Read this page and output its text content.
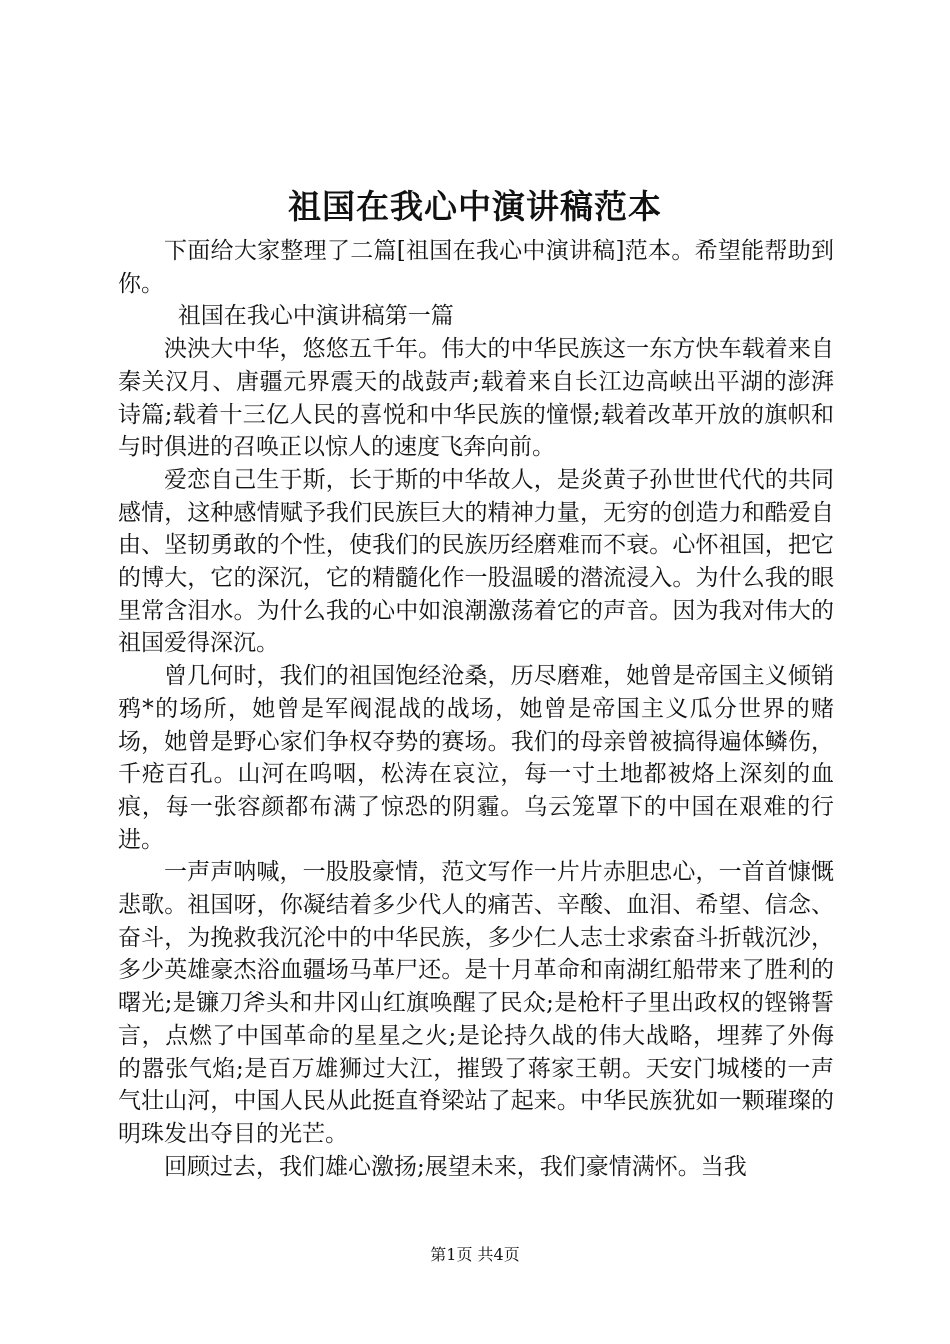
祖国在我心中演讲稿范本

下面给大家整理了二篇[祖国在我心中演讲稿]范本。希望能帮助到你。

祖国在我心中演讲稿第一篇

泱泱大中华，悠悠五千年。伟大的中华民族这一东方快车载着来自秦关汉月、唐疆元界震天的战鼓声;载着来自长江边高峡出平湖的澎湃诗篇;载着十三亿人民的喜悦和中华民族的憧憬;载着改革开放的旗帜和与时俱进的召唤正以惊人的速度飞奔向前。

爱恋自己生于斯，长于斯的中华故人，是炎黄子孙世世代代的共同感情，这种感情赋予我们民族巨大的精神力量，无穷的创造力和酷爱自由、坚韧勇敢的个性，使我们的民族历经磨难而不衰。心怀祖国，把它的博大，它的深沉，它的精髓化作一股温暖的潜流浸入。为什么我的眼里常含泪水。为什么我的心中如浪潮激荡着它的声音。因为我对伟大的祖国爱得深沉。

曾几何时，我们的祖国饱经沧桑，历尽磨难，她曾是帝国主义倾销鸦*的场所，她曾是军阀混战的战场，她曾是帝国主义瓜分世界的赌场，她曾是野心家们争权夺势的赛场。我们的母亲曾被搞得遍体鳞伤，千疮百孔。山河在呜咽，松涛在哀泣，每一寸土地都被烙上深刻的血痕，每一张容颜都布满了惊恐的阴霾。乌云笼罩下的中国在艰难的行进。

一声声呐喊，一股股豪情，范文写作一片片赤胆忠心，一首首慷慨悲歌。祖国呀，你凝结着多少代人的痛苦、辛酸、血泪、希望、信念、奋斗，为挽救我沉沦中的中华民族，多少仁人志士求索奋斗折戟沉沙，多少英雄豪杰浴血疆场马革尸还。是十月革命和南湖红船带来了胜利的曙光;是镰刀斧头和井冈山红旗唤醒了民众;是枪杆子里出政权的铿锵誓言，点燃了中国革命的星星之火;是论持久战的伟大战略，埋葬了外侮的嚣张气焰;是百万雄狮过大江，摧毁了蒋家王朝。天安门城楼的一声气壮山河，中国人民从此挺直脊梁站了起来。中华民族犹如一颗璀璨的明珠发出夺目的光芒。

回顾过去，我们雄心激扬;展望未来，我们豪情满怀。当我

第1页 共4页
